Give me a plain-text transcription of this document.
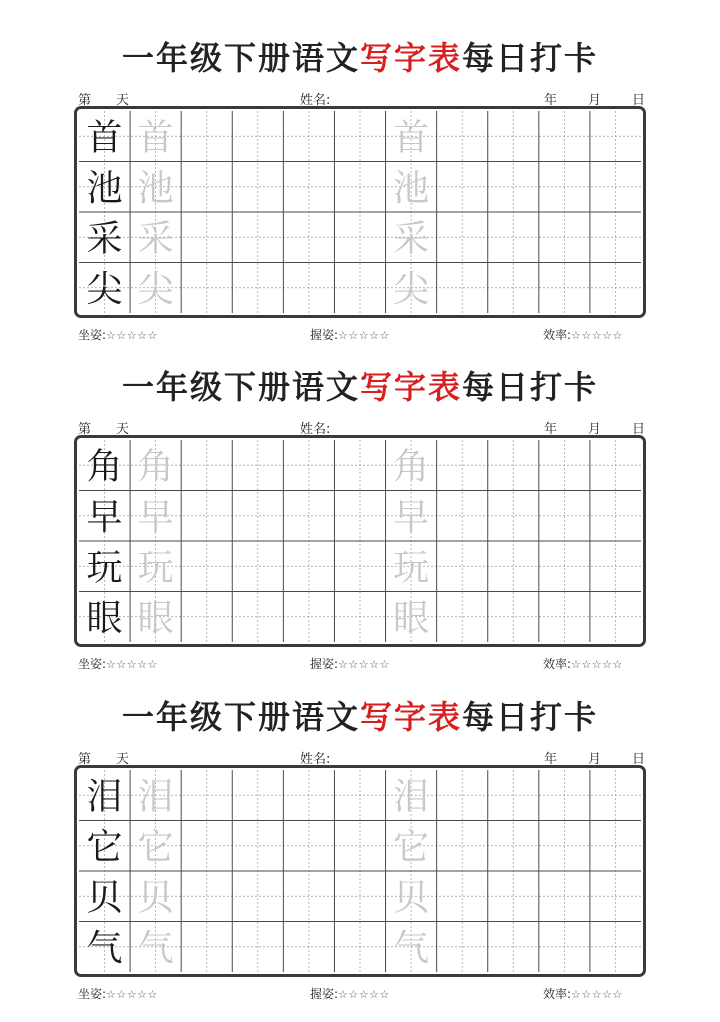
一年级下册语文写字表每日打卡
第 天	姓名:	年 月 日
首 首	首
池 池	池
采 采	采
尖 尖	尖
坐姿:☆☆☆☆☆	握姿:☆☆☆☆☆	效率:☆☆☆☆☆
一年级下册语文写字表每日打卡
第 天	姓名:	年 月 日
角 角	角
早 早	早
玩 玩	玩
眼 眼	眼
坐姿:☆☆☆☆☆	握姿:☆☆☆☆☆	效率:☆☆☆☆☆
一年级下册语文写字表每日打卡
第 天	姓名:	年 月 日
泪 泪	泪
它 它	它
贝 贝	贝
气 气	气
坐姿:☆☆☆☆☆	握姿:☆☆☆☆☆	效率:☆☆☆☆☆
